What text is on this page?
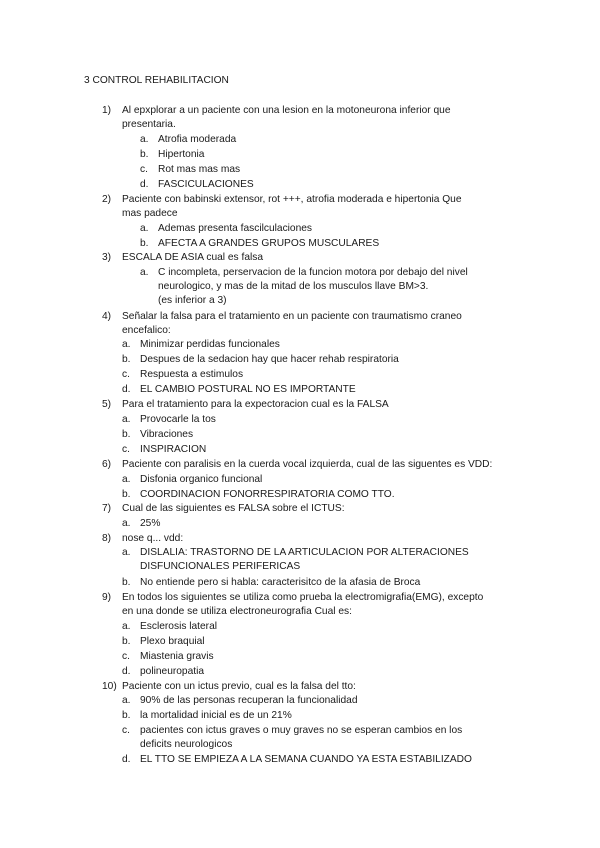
3 CONTROL REHABILITACION
1) Al epxplorar a un paciente con una lesion en la motoneurona inferior que
presentaria.
a. Atrofia moderada
b. Hipertonia
c. Rot mas mas mas
d. FASCICULACIONES
2) Paciente con babinski extensor, rot +++, atrofia moderada e hipertonia Que
mas padece
a. Ademas presenta fascilculaciones
b. AFECTA A GRANDES GRUPOS MUSCULARES
3) ESCALA DE ASIA cual es falsa
a. C incompleta, perservacion de la funcion motora por debajo del nivel
neurologico, y mas de la mitad de los musculos llave BM>3.
(es inferior a 3)
4) Señalar la falsa para el tratamiento en un paciente con traumatismo craneo
encefalico:
a. Minimizar perdidas funcionales
b. Despues de la sedacion hay que hacer rehab respiratoria
c. Respuesta a estimulos
d. EL CAMBIO POSTURAL NO ES IMPORTANTE
5) Para el tratamiento para la expectoracion cual es la FALSA
a. Provocarle la tos
b. Vibraciones
c. INSPIRACION
6) Paciente con paralisis en la cuerda vocal izquierda, cual de las siguentes es VDD:
a. Disfonia organico funcional
b. COORDINACION FONORRESPIRATORIA COMO TTO.
7) Cual de las siguientes es FALSA sobre el ICTUS:
a. 25%
8) nose q... vdd:
a. DISLALIA: TRASTORNO DE LA ARTICULACION POR ALTERACIONES
DISFUNCIONALES PERIFERICAS
b. No entiende pero si habla: caracterisitco de la afasia de Broca
9) En todos los siguientes se utiliza como prueba la electromigrafia(EMG), excepto
en una donde se utiliza electroneurografia Cual es:
a. Esclerosis lateral
b. Plexo braquial
c. Miastenia gravis
d. polineuropatia
10) Paciente con un ictus previo, cual es la falsa del tto:
a. 90% de las personas recuperan la funcionalidad
b. la mortalidad inicial es de un 21%
c. pacientes con ictus graves o muy graves no se esperan cambios en los
deficits neurologicos
d. EL TTO SE EMPIEZA A LA SEMANA CUANDO YA ESTA ESTABILIZADO
